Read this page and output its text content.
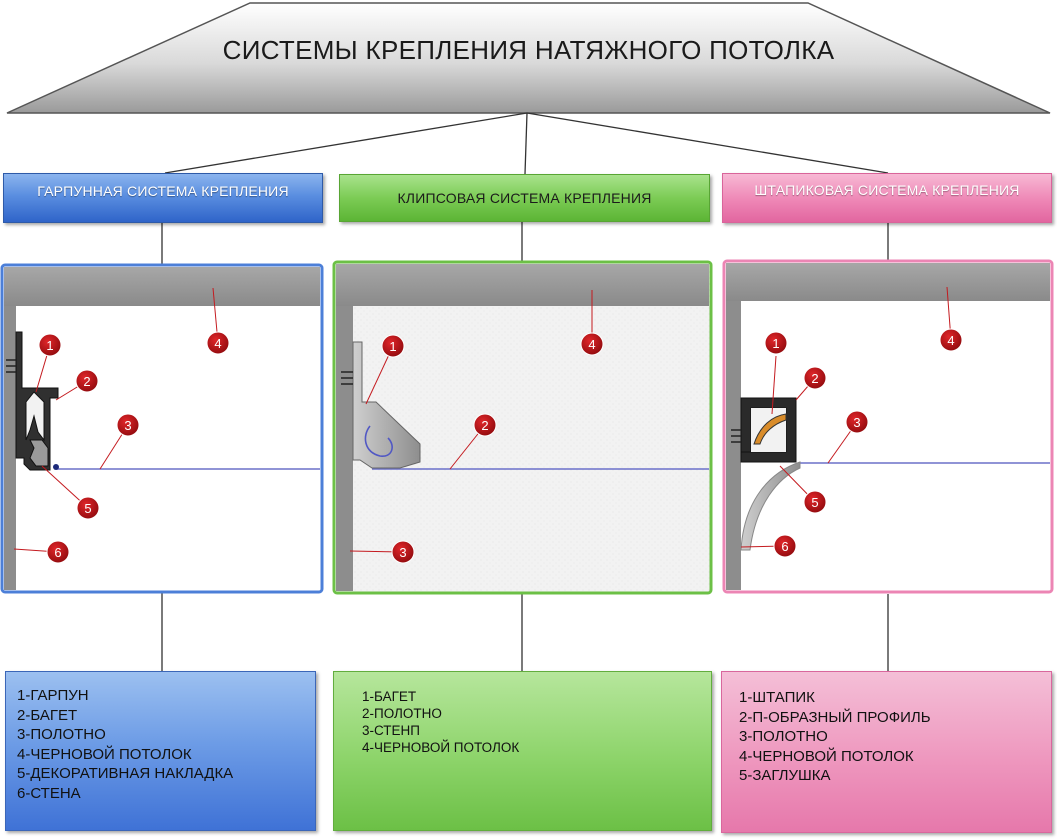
1
2
3
4
5
6
1	4
2
3
1
2
3
4
5
6
СИСТЕМЫ КРЕПЛЕНИЯ НАТЯЖНОГО ПОТОЛКА
ГАРПУННАЯ СИСТЕМА КРЕПЛЕНИЯ	КЛИПСОВАЯ СИСТЕМА КРЕПЛЕНИЯ	ШТАПИКОВАЯ СИСТЕМА КРЕПЛЕНИЯ
1-ГАРПУН
2-БАГЕТ
3-ПОЛОТНО
4-ЧЕРНОВОЙ ПОТОЛОК
5-ДЕКОРАТИВНАЯ НАКЛАДКА
6-СТЕНА
1-БАГЕТ
2-ПОЛОТНО
3-СТЕНП
4-ЧЕРНОВОЙ ПОТОЛОК
1-ШТАПИК
2-П-ОБРАЗНЫЙ ПРОФИЛЬ
3-ПОЛОТНО
4-ЧЕРНОВОЙ ПОТОЛОК
5-ЗАГЛУШКА
